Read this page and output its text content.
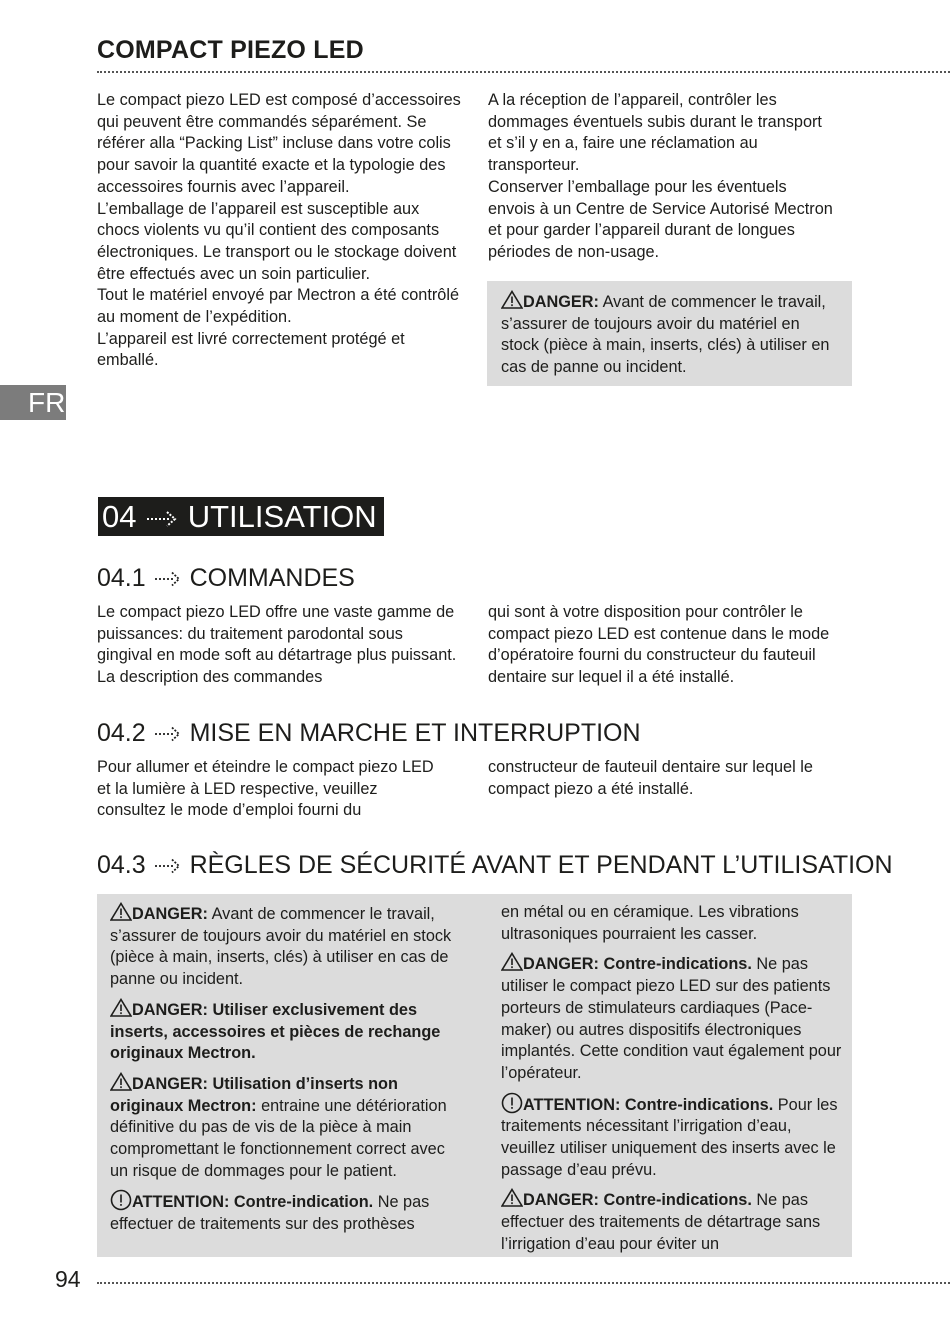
COMPACT PIEZO LED
FR

Le compact piezo LED est composé d’accessoires qui peuvent être commandés séparément. Se référer alla “Packing List” incluse dans votre colis pour savoir la quantité exacte et la typologie des accessoires fournis avec l’appareil.

L’emballage de l’appareil est susceptible aux chocs violents vu qu’il contient des composants électroniques. Le transport ou le stockage doivent être effectués avec un soin particulier.

Tout le matériel envoyé par Mectron a été contrôlé au moment de l’expédition.

L’appareil est livré correctement protégé et emballé.

A la réception de l’appareil, contrôler les dommages éventuels subis durant le transport et s’il y en a, faire une réclamation au transporteur.

Conserver l’emballage pour les éventuels envois à un Centre de Service Autorisé Mectron et pour garder l’appareil durant de longues périodes de non-usage.

DANGER: Avant de commencer le travail, s’assurer de toujours avoir du matériel en stock (pièce à main, inserts, clés) à utiliser en cas de panne ou incident.
04 UTILISATION
04.1 COMMANDES

Le compact piezo LED offre une vaste gamme de puissances: du traitement parodontal sous gingival en mode soft au détartrage plus puissant. La description des commandes

qui sont à votre disposition pour contrôler le compact piezo LED est contenue dans le mode d’opératoire fourni du constructeur du fauteuil dentaire sur lequel il a été installé.

04.2 MISE EN MARCHE ET INTERRUPTION

Pour allumer et éteindre le compact piezo LED et la lumière à LED respective, veuillez consultez le mode d’emploi fourni du

constructeur de fauteuil dentaire sur lequel le compact piezo a été installé.

04.3 RÈGLES DE SÉCURITÉ AVANT ET PENDANT L’UTILISATION

DANGER: Avant de commencer le travail, s’assurer de toujours avoir du matériel en stock (pièce à main, inserts, clés) à utiliser en cas de panne ou incident.

DANGER: Utiliser exclusivement des inserts, accessoires et pièces de rechange originaux Mectron.

DANGER: Utilisation d’inserts non originaux Mectron: entraine une détérioration définitive du pas de vis de la pièce à main compromettant le fonctionnement correct avec un risque de dommages pour le patient.

ATTENTION: Contre-indication. Ne pas effectuer de traitements sur des prothèses

en métal ou en céramique. Les vibrations ultrasoniques pourraient les casser.

DANGER: Contre-indications. Ne pas utiliser le compact piezo LED sur des patients porteurs de stimulateurs cardiaques (Pace-maker) ou autres dispositifs électroniques implantés. Cette condition vaut également pour l’opérateur.

ATTENTION: Contre-indications. Pour les traitements nécessitant l’irrigation d’eau, veuillez utiliser uniquement des inserts avec le passage d’eau prévu.

DANGER: Contre-indications. Ne pas effectuer des traitements de détartrage sans l’irrigation d’eau pour éviter un

94
